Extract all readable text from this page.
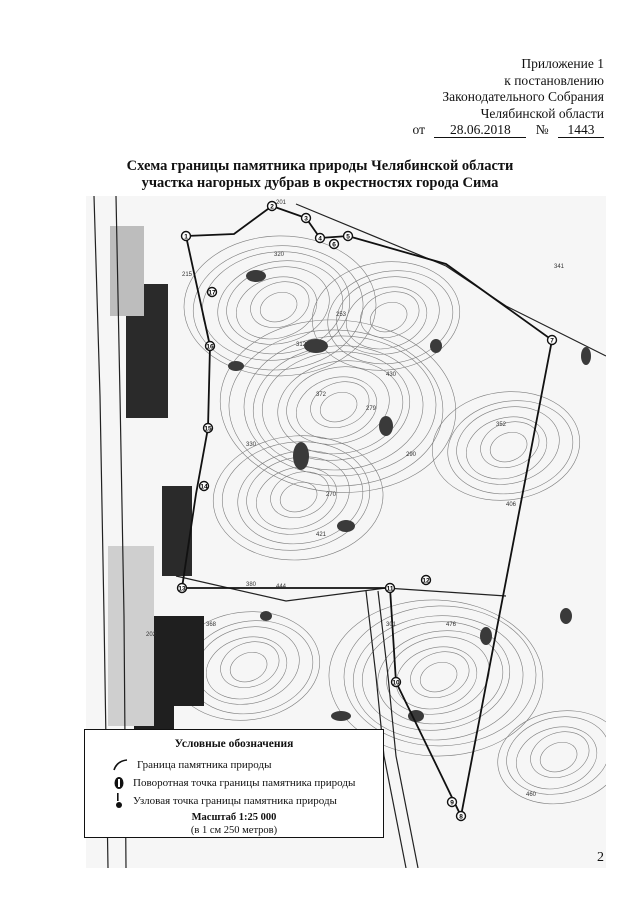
Приложение 1
к постановлению
Законодательного Собрания
Челябинской области
от 28.06.2018 № 1443
Схема границы памятника природы Челябинской области
участка нагорных дубрав в окрестностях города Сима
1
2
3
4	5
6
7
8
9
10
11
12
13
14
15
16
17
201
202
215
253
270
279
290
301
312
320
330
341
352
368
372
380
406
421
430
444
460
476
Условные обозначения
Граница памятника природы
Поворотная точка границы памятника природы
Узловая точка границы памятника природы
Масштаб 1:25 000
(в 1 см 250 метров)
2
